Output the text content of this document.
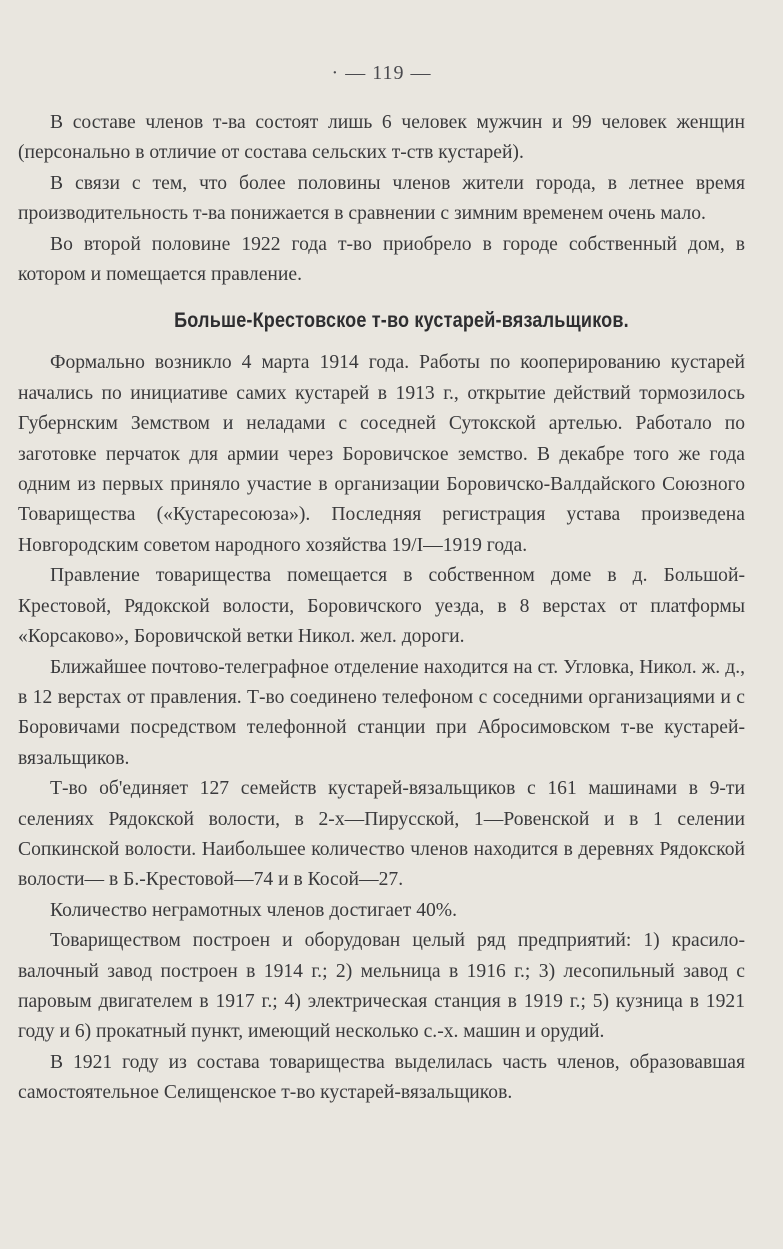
· — 119 —

В составе членов т-ва состоят лишь 6 человек мужчин и 99 человек женщин (персонально в отличие от состава сельских т-ств кустарей).

В связи с тем, что более половины членов жители города, в летнее время производительность т-ва понижается в сравнении с зимним временем очень мало.

Во второй половине 1922 года т-во приобрело в городе собственный дом, в котором и помещается правление.

Больше-Крестовское т-во кустарей-вязальщиков.

Формально возникло 4 марта 1914 года. Работы по кооперированию кустарей начались по инициативе самих кустарей в 1913 г., открытие действий тормозилось Губернским Земством и неладами с соседней Сутокской артелью. Работало по заготовке перчаток для армии через Боровичское земство. В декабре того же года одним из первых приняло участие в организации Боровичско-Валдайского Союзного Товарищества («Кустаресоюза»). Последняя регистрация устава произведена Новгородским советом народного хозяйства 19/I—1919 года.

Правление товарищества помещается в собственном доме в д. Большой-Крестовой, Рядокской волости, Боровичского уезда, в 8 верстах от платформы «Корсаково», Боровичской ветки Никол. жел. дороги.

Ближайшее почтово-телеграфное отделение находится на ст. Угловка, Никол. ж. д., в 12 верстах от правления. Т-во соединено телефоном с соседними организациями и с Боровичами посредством телефонной станции при Абросимовском т-ве кустарей-вязальщиков.

Т-во об'единяет 127 семейств кустарей-вязальщиков с 161 машинами в 9-ти селениях Рядокской волости, в 2-х—Пирусской, 1—Ровенской и в 1 селении Сопкинской волости. Наибольшее количество членов находится в деревнях Рядокской волости— в Б.-Крестовой—74 и в Косой—27.

Количество неграмотных членов достигает 40%.

Товариществом построен и оборудован целый ряд предприятий: 1) красило-валочный завод построен в 1914 г.; 2) мельница в 1916 г.; 3) лесопильный завод с паровым двигателем в 1917 г.; 4) электрическая станция в 1919 г.; 5) кузница в 1921 году и 6) прокатный пункт, имеющий несколько с.-х. машин и орудий.

В 1921 году из состава товарищества выделилась часть членов, образовавшая самостоятельное Селищенское т-во кустарей-вязальщиков.
